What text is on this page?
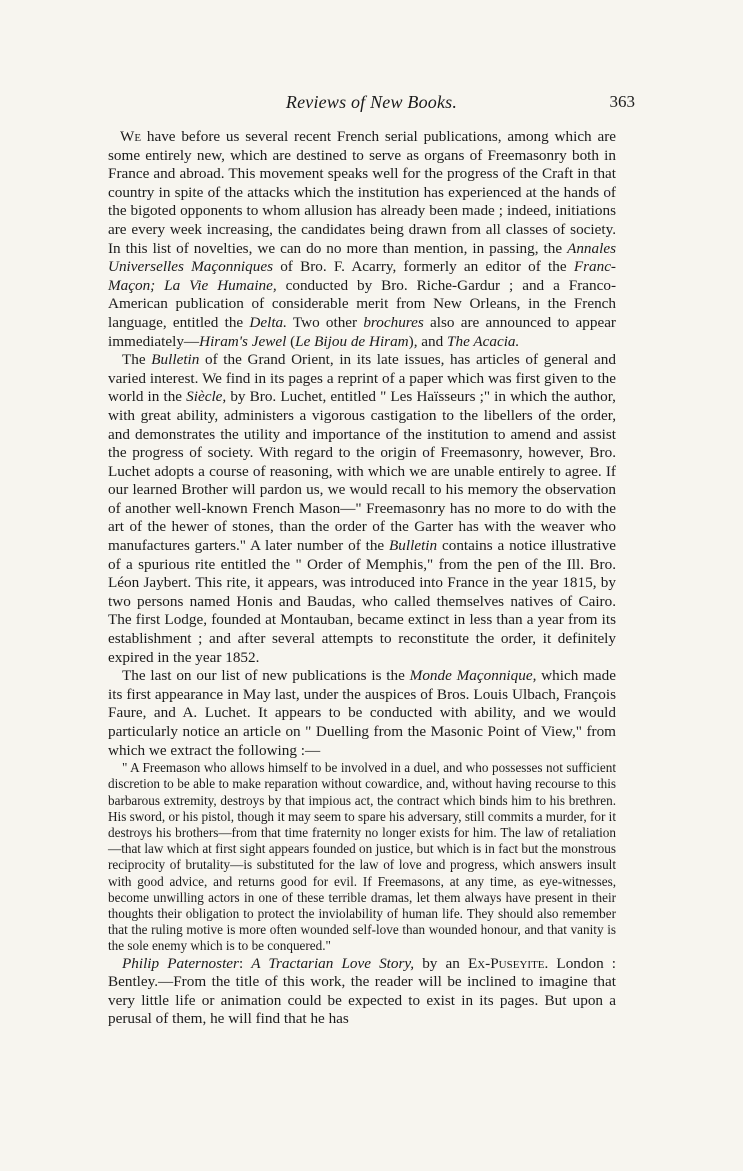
Reviews of New Books.	363

We have before us several recent French serial publications, among which are some entirely new, which are destined to serve as organs of Freemasonry both in France and abroad. This movement speaks well for the progress of the Craft in that country in spite of the attacks which the institution has experienced at the hands of the bigoted opponents to whom allusion has already been made ; indeed, initiations are every week increasing, the candidates being drawn from all classes of society. In this list of novelties, we can do no more than mention, in passing, the Annales Universelles Maçonniques of Bro. F. Acarry, formerly an editor of the Franc-Maçon; La Vie Humaine, conducted by Bro. Riche-Gardur ; and a Franco-American publication of considerable merit from New Orleans, in the French language, entitled the Delta. Two other brochures also are announced to appear immediately—Hiram's Jewel (Le Bijou de Hiram), and The Acacia.

The Bulletin of the Grand Orient, in its late issues, has articles of general and varied interest. We find in its pages a reprint of a paper which was first given to the world in the Siècle, by Bro. Luchet, entitled " Les Haïsseurs ;" in which the author, with great ability, administers a vigorous castigation to the libellers of the order, and demonstrates the utility and importance of the institution to amend and assist the progress of society. With regard to the origin of Freemasonry, however, Bro. Luchet adopts a course of reasoning, with which we are unable entirely to agree. If our learned Brother will pardon us, we would recall to his memory the observation of another well-known French Mason—" Freemasonry has no more to do with the art of the hewer of stones, than the order of the Garter has with the weaver who manufactures garters." A later number of the Bulletin contains a notice illustrative of a spurious rite entitled the " Order of Memphis," from the pen of the Ill. Bro. Léon Jaybert. This rite, it appears, was introduced into France in the year 1815, by two persons named Honis and Baudas, who called themselves natives of Cairo. The first Lodge, founded at Montauban, became extinct in less than a year from its establishment ; and after several attempts to reconstitute the order, it definitely expired in the year 1852.

The last on our list of new publications is the Monde Maçonnique, which made its first appearance in May last, under the auspices of Bros. Louis Ulbach, François Faure, and A. Luchet. It appears to be conducted with ability, and we would particularly notice an article on " Duelling from the Masonic Point of View," from which we extract the following :—

" A Freemason who allows himself to be involved in a duel, and who possesses not sufficient discretion to be able to make reparation without cowardice, and, without having recourse to this barbarous extremity, destroys by that impious act, the contract which binds him to his brethren. His sword, or his pistol, though it may seem to spare his adversary, still commits a murder, for it destroys his brothers—from that time fraternity no longer exists for him. The law of retaliation—that law which at first sight appears founded on justice, but which is in fact but the monstrous reciprocity of brutality—is substituted for the law of love and progress, which answers insult with good advice, and returns good for evil. If Freemasons, at any time, as eye-witnesses, become unwilling actors in one of these terrible dramas, let them always have present in their thoughts their obligation to protect the inviolability of human life. They should also remember that the ruling motive is more often wounded self-love than wounded honour, and that vanity is the sole enemy which is to be conquered."

Philip Paternoster: A Tractarian Love Story, by an Ex-Puseyite. London : Bentley.—From the title of this work, the reader will be inclined to imagine that very little life or animation could be expected to exist in its pages. But upon a perusal of them, he will find that he has
